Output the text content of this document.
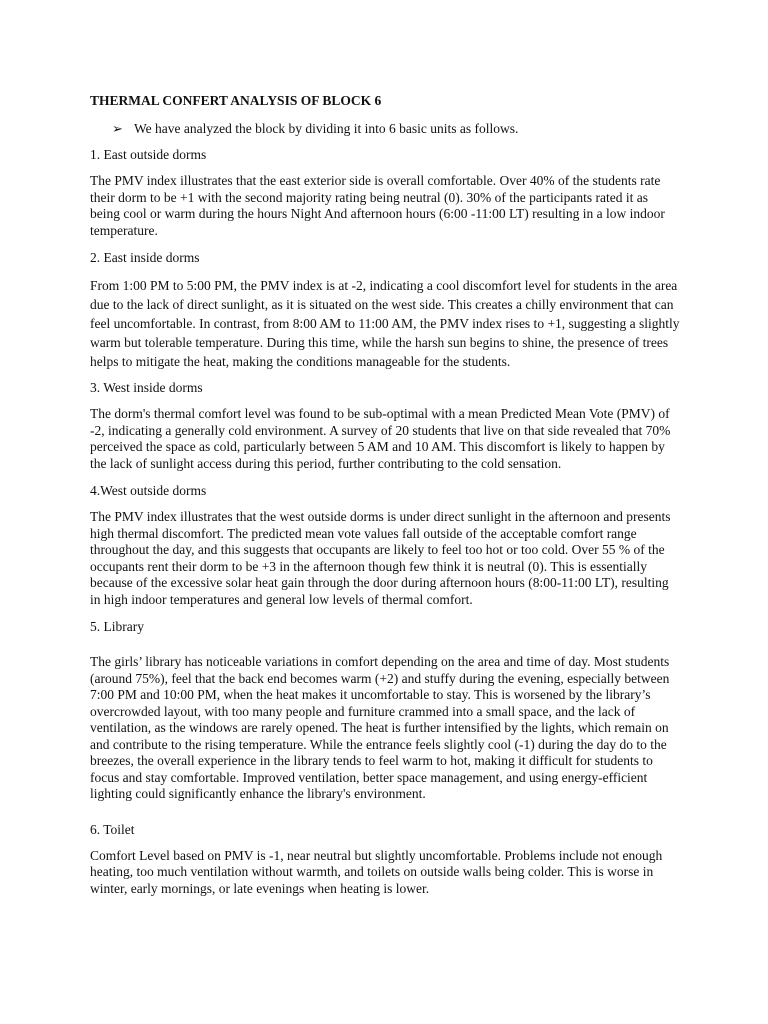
THERMAL CONFERT ANALYSIS OF BLOCK 6

➢ We have analyzed the block by dividing it into 6 basic units as follows.

1. East outside dorms

The PMV index illustrates that the east exterior side is overall comfortable. Over 40% of the students rate their dorm to be +1 with the second majority rating being neutral (0). 30% of the participants rated it as being cool or warm during the hours Night And afternoon hours (6:00 -11:00 LT) resulting in a low indoor temperature.

2. East inside dorms

From 1:00 PM to 5:00 PM, the PMV index is at -2, indicating a cool discomfort level for students in the area due to the lack of direct sunlight, as it is situated on the west side. This creates a chilly environment that can feel uncomfortable. In contrast, from 8:00 AM to 11:00 AM, the PMV index rises to +1, suggesting a slightly warm but tolerable temperature. During this time, while the harsh sun begins to shine, the presence of trees helps to mitigate the heat, making the conditions manageable for the students.

3. West inside dorms

The dorm's thermal comfort level was found to be sub-optimal with a mean Predicted Mean Vote (PMV) of -2, indicating a generally cold environment. A survey of 20 students that live on that side revealed that 70% perceived the space as cold, particularly between 5 AM and 10 AM. This discomfort is likely to happen by the lack of sunlight access during this period, further contributing to the cold sensation.

4.West outside dorms

The PMV index illustrates that the west outside dorms is under direct sunlight in the afternoon and presents high thermal discomfort. The predicted mean vote values fall outside of the acceptable comfort range throughout the day, and this suggests that occupants are likely to feel too hot or too cold. Over 55 % of the occupants rent their dorm to be +3 in the afternoon though few think it is neutral (0). This is essentially because of the excessive solar heat gain through the door during afternoon hours (8:00-11:00 LT), resulting in high indoor temperatures and general low levels of thermal comfort.

5. Library

The girls’ library has noticeable variations in comfort depending on the area and time of day. Most students (around 75%), feel that the back end becomes warm (+2) and stuffy during the evening, especially between 7:00 PM and 10:00 PM, when the heat makes it uncomfortable to stay. This is worsened by the library’s overcrowded layout, with too many people and furniture crammed into a small space, and the lack of ventilation, as the windows are rarely opened. The heat is further intensified by the lights, which remain on and contribute to the rising temperature. While the entrance feels slightly cool (-1) during the day do to the breezes, the overall experience in the library tends to feel warm to hot, making it difficult for students to focus and stay comfortable. Improved ventilation, better space management, and using energy-efficient lighting could significantly enhance the library's environment.

6. Toilet

Comfort Level based on PMV is -1, near neutral but slightly uncomfortable. Problems include not enough heating, too much ventilation without warmth, and toilets on outside walls being colder. This is worse in winter, early mornings, or late evenings when heating is lower.
